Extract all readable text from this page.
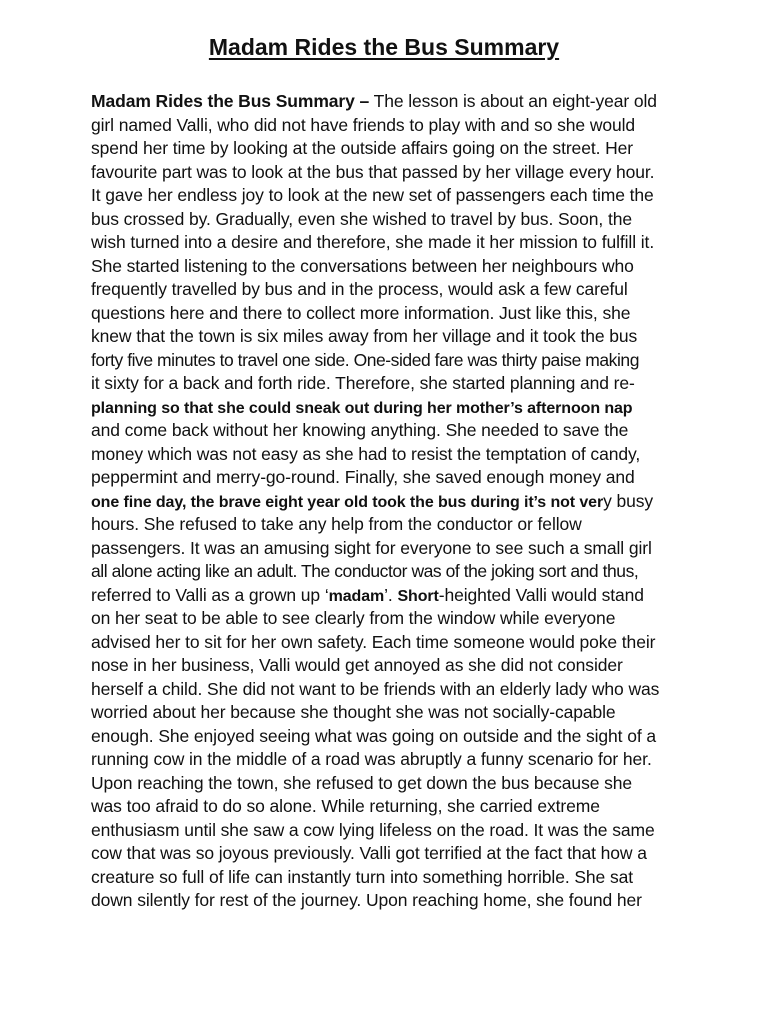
Madam Rides the Bus Summary
Madam Rides the Bus Summary – The lesson is about an eight-year old
girl named Valli, who did not have friends to play with and so she would
spend her time by looking at the outside affairs going on the street. Her
favourite part was to look at the bus that passed by her village every hour.
It gave her endless joy to look at the new set of passengers each time the
bus crossed by. Gradually, even she wished to travel by bus. Soon, the
wish turned into a desire and therefore, she made it her mission to fulfill it.
She started listening to the conversations between her neighbours who
frequently travelled by bus and in the process, would ask a few careful
questions here and there to collect more information. Just like this, she
knew that the town is six miles away from her village and it took the bus
forty five minutes to travel one side. One-sided fare was thirty paise making
it sixty for a back and forth ride. Therefore, she started planning and re-
planning so that she could sneak out during her mother’s afternoon nap
and come back without her knowing anything. She needed to save the
money which was not easy as she had to resist the temptation of candy,
peppermint and merry-go-round. Finally, she saved enough money and
one fine day, the brave eight year old took the bus during it’s not very busy
hours. She refused to take any help from the conductor or fellow
passengers. It was an amusing sight for everyone to see such a small girl
all alone acting like an adult. The conductor was of the joking sort and thus,
referred to Valli as a grown up ‘madam’. Short-heighted Valli would stand
on her seat to be able to see clearly from the window while everyone
advised her to sit for her own safety. Each time someone would poke their
nose in her business, Valli would get annoyed as she did not consider
herself a child. She did not want to be friends with an elderly lady who was
worried about her because she thought she was not socially-capable
enough. She enjoyed seeing what was going on outside and the sight of a
running cow in the middle of a road was abruptly a funny scenario for her.
Upon reaching the town, she refused to get down the bus because she
was too afraid to do so alone. While returning, she carried extreme
enthusiasm until she saw a cow lying lifeless on the road. It was the same
cow that was so joyous previously. Valli got terrified at the fact that how a
creature so full of life can instantly turn into something horrible. She sat
down silently for rest of the journey. Upon reaching home, she found her
